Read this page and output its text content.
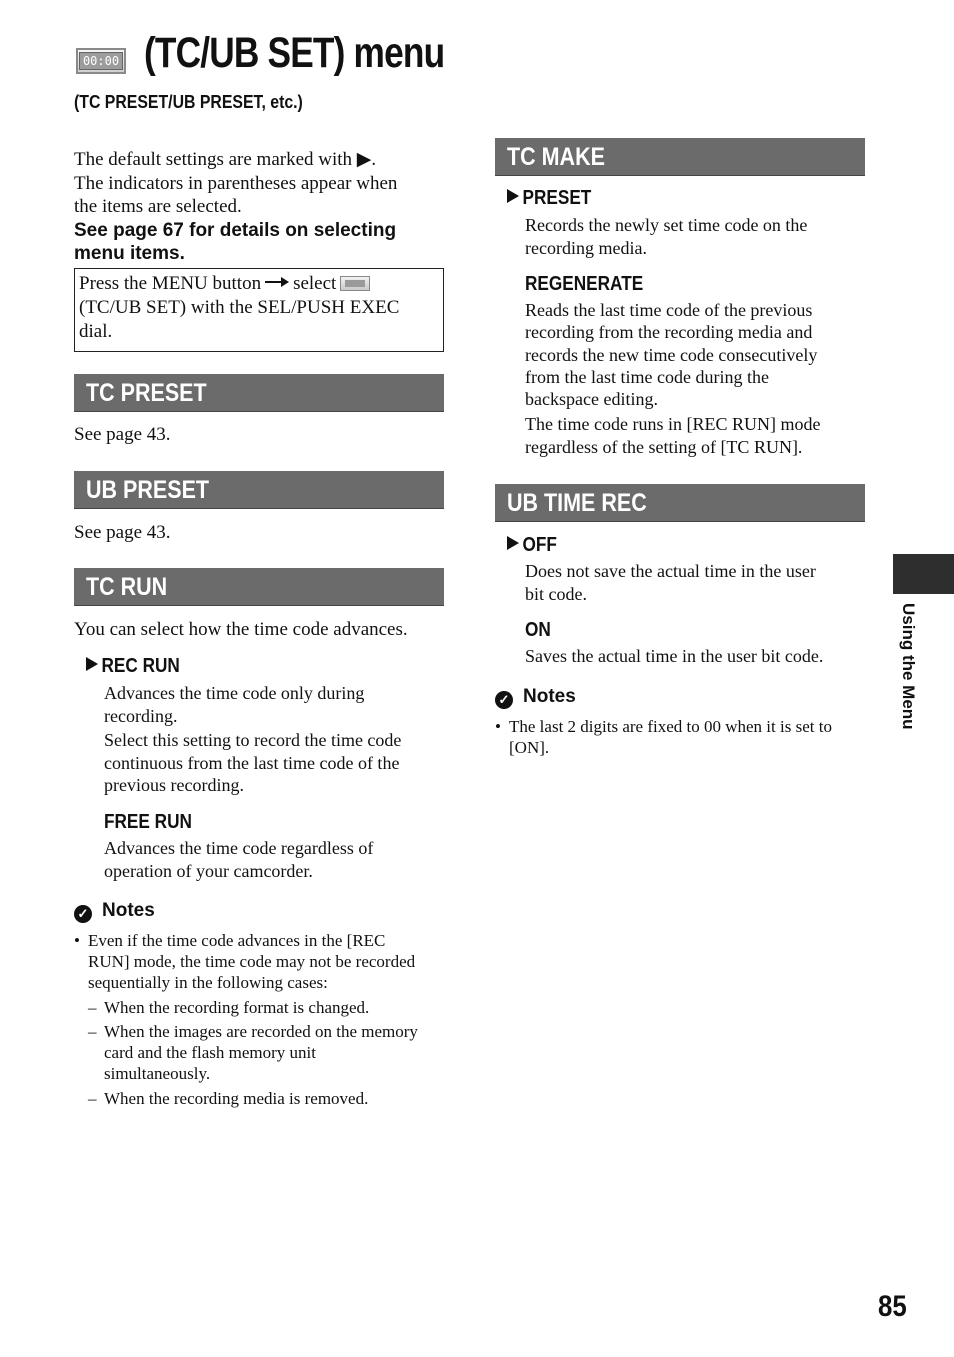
00:00 (TC/UB SET) menu
(TC PRESET/UB PRESET, etc.)
The default settings are marked with ▶.
The indicators in parentheses appear when
the items are selected.
See page 67 for details on selecting
menu items.
Press the MENU button select
(TC/UB SET) with the SEL/PUSH EXEC
dial.
TC PRESET
See page 43.
UB PRESET
See page 43.
TC RUN
You can select how the time code advances.
REC RUN
Advances the time code only during
recording.
Select this setting to record the time code
continuous from the last time code of the
previous recording.
FREE RUN
Advances the time code regardless of
operation of your camcorder.
✓ Notes
• Even if the time code advances in the [REC
RUN] mode, the time code may not be recorded
sequentially in the following cases:
– When the recording format is changed.
– When the images are recorded on the memory
card and the flash memory unit
simultaneously.
– When the recording media is removed.
TC MAKE
PRESET
Records the newly set time code on the
recording media.
REGENERATE
Reads the last time code of the previous
recording from the recording media and
records the new time code consecutively
from the last time code during the
backspace editing.
The time code runs in [REC RUN] mode
regardless of the setting of [TC RUN].
UB TIME REC
OFF
Does not save the actual time in the user
bit code.
ON
Saves the actual time in the user bit code.
✓ Notes
• The last 2 digits are fixed to 00 when it is set to
[ON].
Using the Menu
85
